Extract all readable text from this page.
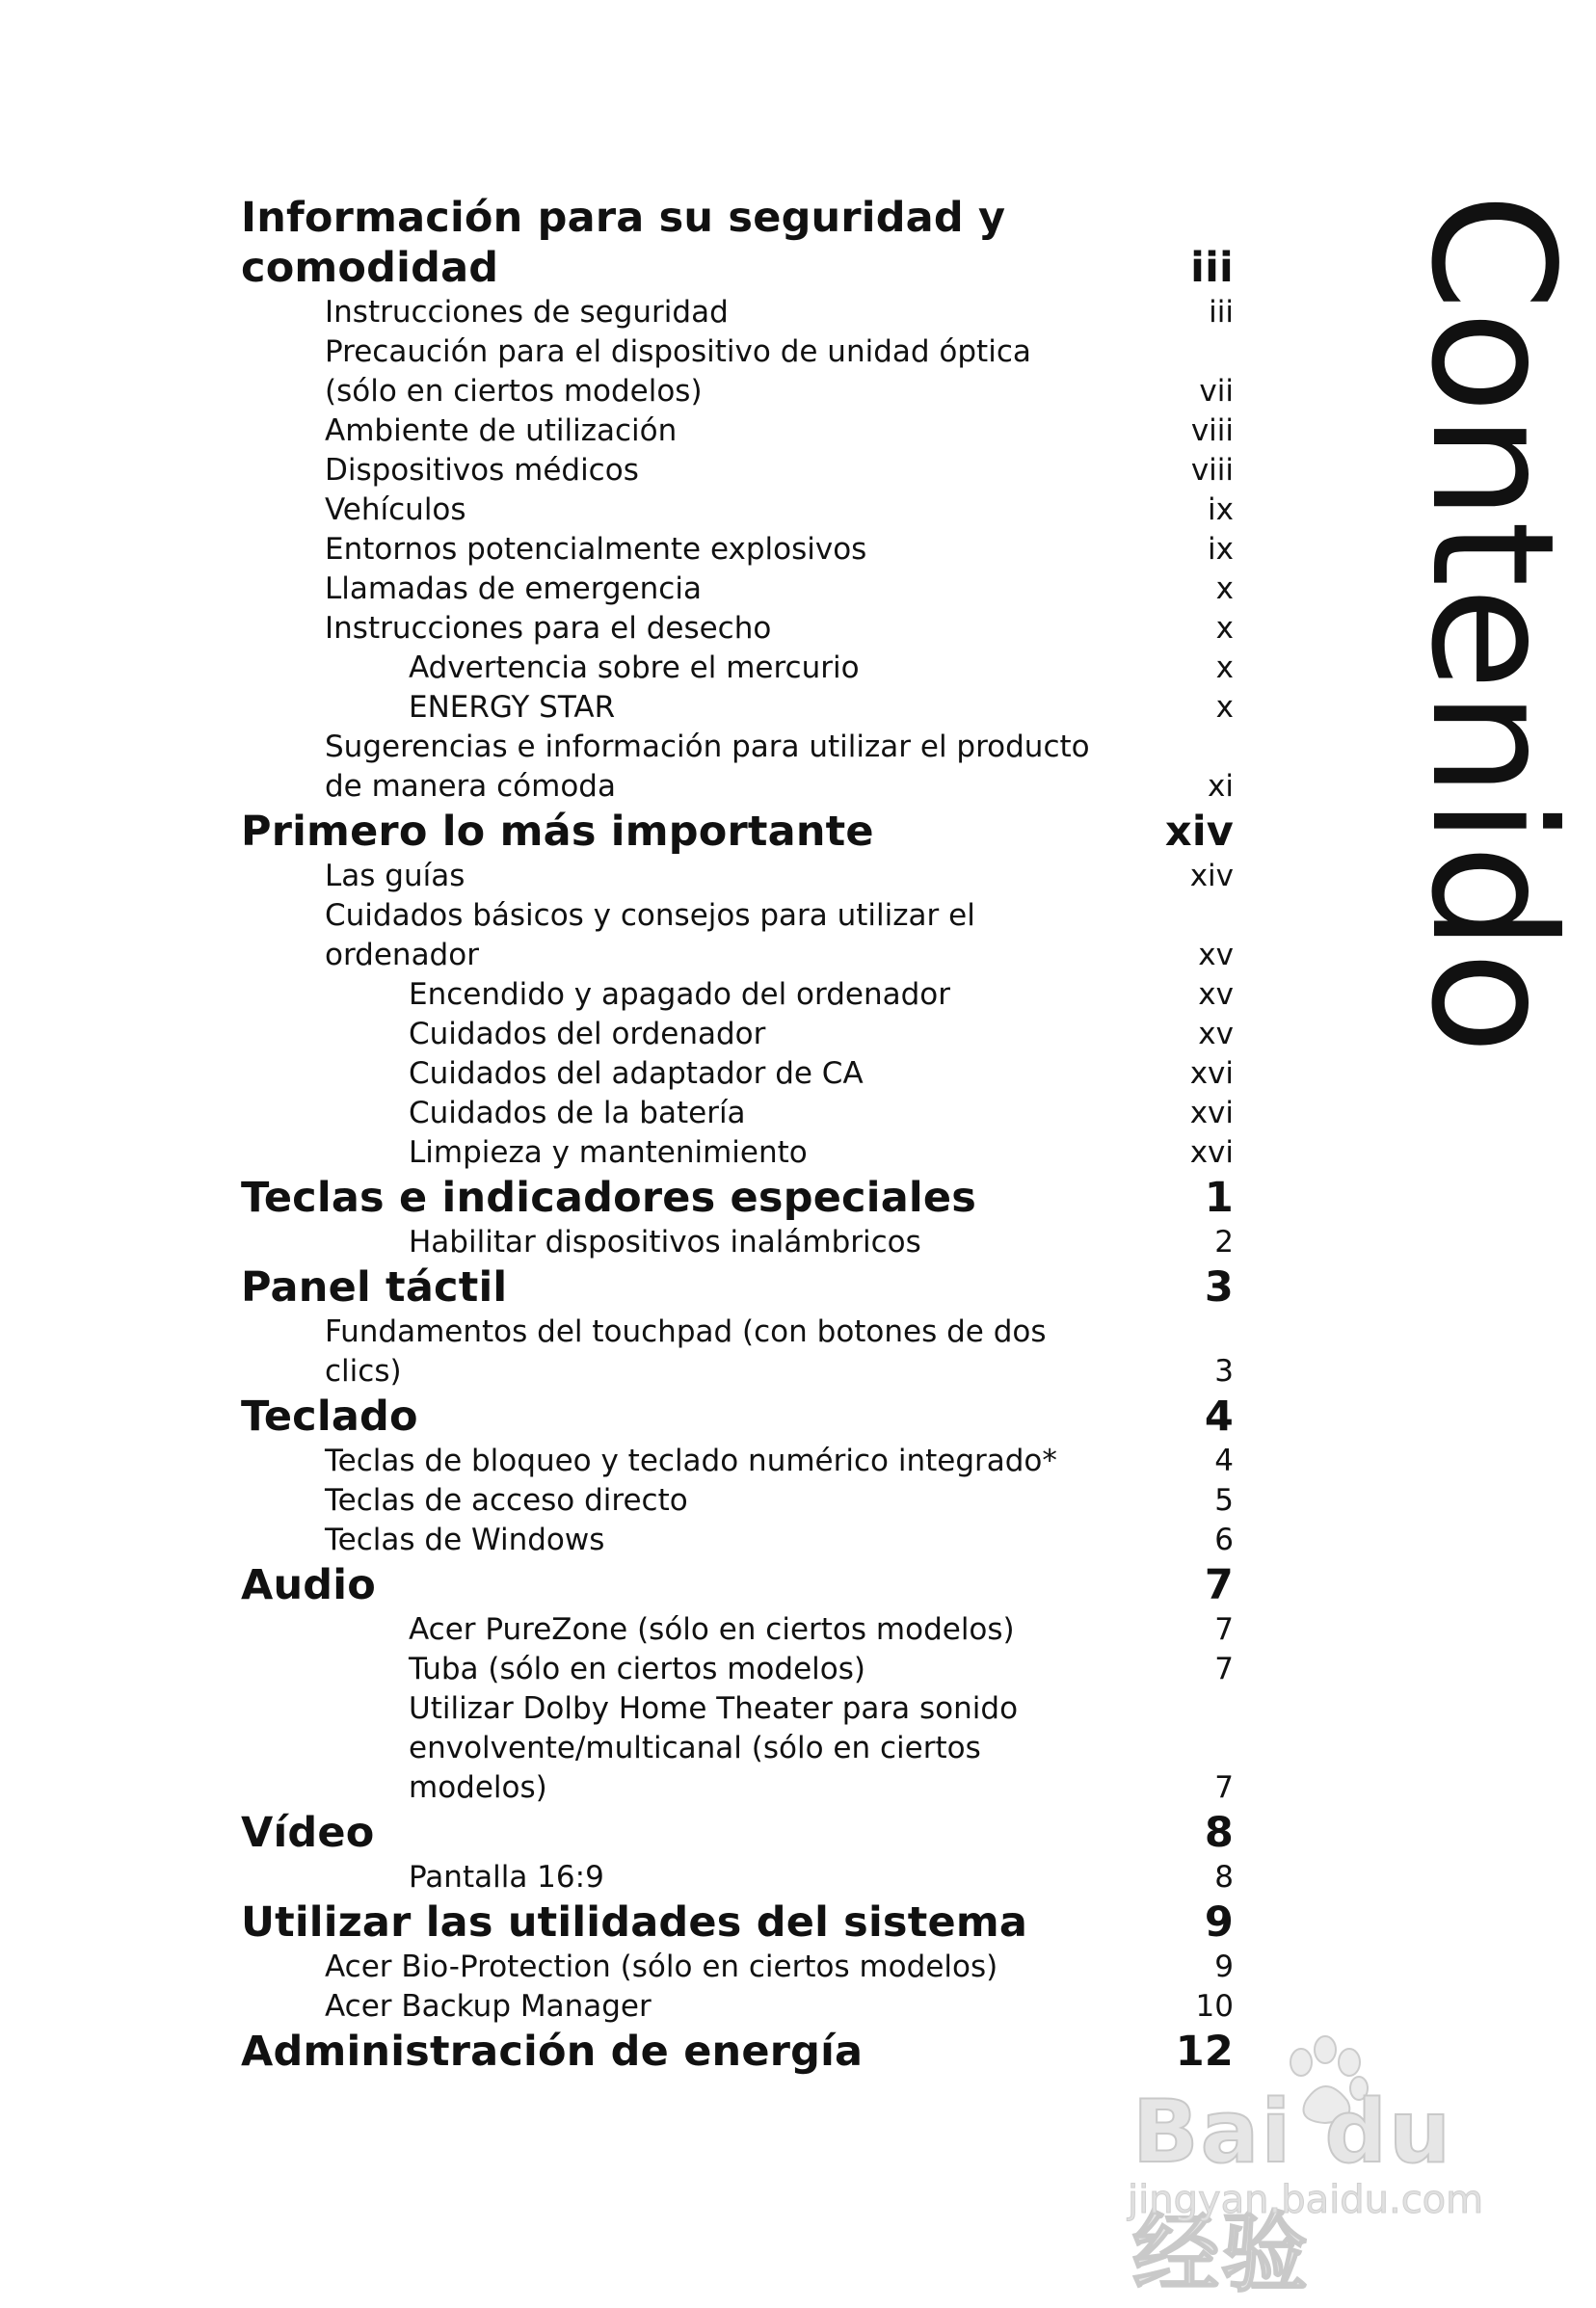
Información para su seguridad y
comodidad	iii
Instrucciones de seguridad	iii
Precaución para el dispositivo de unidad óptica
(sólo en ciertos modelos)	vii
Ambiente de utilización	viii
Dispositivos médicos	viii
Vehículos	ix
Entornos potencialmente explosivos	ix
Llamadas de emergencia	x
Instrucciones para el desecho	x
Advertencia sobre el mercurio	x
ENERGY STAR	x
Sugerencias e información para utilizar el producto
de manera cómoda	xi
Primero lo más importante	xiv
Las guías	xiv
Cuidados básicos y consejos para utilizar el ordenador	xv
Encendido y apagado del ordenador	xv
Cuidados del ordenador	xv
Cuidados del adaptador de CA	xvi
Cuidados de la batería	xvi
Limpieza y mantenimiento	xvi
Teclas e indicadores especiales	1
Habilitar dispositivos inalámbricos	2
Panel táctil	3
Fundamentos del touchpad (con botones de dos clics)	3
Teclado	4
Teclas de bloqueo y teclado numérico integrado*	4
Teclas de acceso directo	5
Teclas de Windows	6
Audio	7
Acer PureZone (sólo en ciertos modelos)	7
Tuba (sólo en ciertos modelos)	7
Utilizar Dolby Home Theater para sonido
envolvente/multicanal (sólo en ciertos modelos)	7
Vídeo	8
Pantalla 16:9	8
Utilizar las utilidades del sistema	9
Acer Bio-Protection (sólo en ciertos modelos)	9
Acer Backup Manager	10
Administración de energía	12
Contenido
Bai du 经验
jingyan.baidu.com
